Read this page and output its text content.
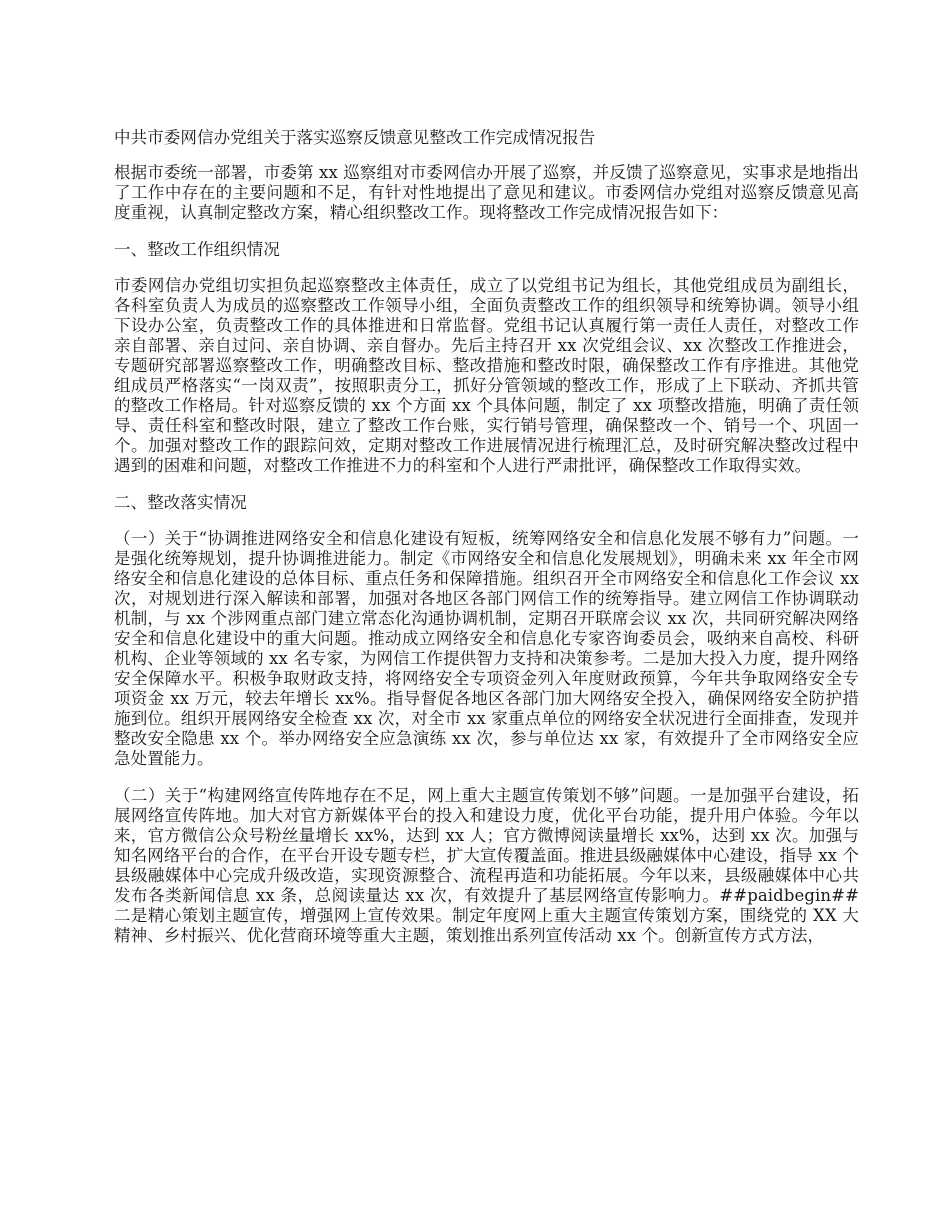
中共市委网信办党组关于落实巡察反馈意见整改工作完成情况报告
根据市委统一部署，市委第 xx 巡察组对市委网信办开展了巡察，并反馈了巡察意见，实事求是地指出了工作中存在的主要问题和不足，有针对性地提出了意见和建议。市委网信办党组对巡察反馈意见高度重视，认真制定整改方案，精心组织整改工作。现将整改工作完成情况报告如下：
一、整改工作组织情况
市委网信办党组切实担负起巡察整改主体责任，成立了以党组书记为组长，其他党组成员为副组长，各科室负责人为成员的巡察整改工作领导小组，全面负责整改工作的组织领导和统筹协调。领导小组下设办公室，负责整改工作的具体推进和日常监督。党组书记认真履行第一责任人责任，对整改工作亲自部署、亲自过问、亲自协调、亲自督办。先后主持召开 xx 次党组会议、xx 次整改工作推进会，专题研究部署巡察整改工作，明确整改目标、整改措施和整改时限，确保整改工作有序推进。其他党组成员严格落实“一岗双责”，按照职责分工，抓好分管领域的整改工作，形成了上下联动、齐抓共管的整改工作格局。针对巡察反馈的 xx 个方面 xx 个具体问题，制定了 xx 项整改措施，明确了责任领导、责任科室和整改时限，建立了整改工作台账，实行销号管理，确保整改一个、销号一个、巩固一个。加强对整改工作的跟踪问效，定期对整改工作进展情况进行梳理汇总，及时研究解决整改过程中遇到的困难和问题，对整改工作推进不力的科室和个人进行严肃批评，确保整改工作取得实效。
二、整改落实情况
（一）关于“协调推进网络安全和信息化建设有短板，统筹网络安全和信息化发展不够有力”问题。一是强化统筹规划，提升协调推进能力。制定《市网络安全和信息化发展规划》，明确未来 xx 年全市网络安全和信息化建设的总体目标、重点任务和保障措施。组织召开全市网络安全和信息化工作会议 xx 次，对规划进行深入解读和部署，加强对各地区各部门网信工作的统筹指导。建立网信工作协调联动机制，与 xx 个涉网重点部门建立常态化沟通协调机制，定期召开联席会议 xx 次，共同研究解决网络安全和信息化建设中的重大问题。推动成立网络安全和信息化专家咨询委员会，吸纳来自高校、科研机构、企业等领域的 xx 名专家，为网信工作提供智力支持和决策参考。二是加大投入力度，提升网络安全保障水平。积极争取财政支持，将网络安全专项资金列入年度财政预算，今年共争取网络安全专项资金 xx 万元，较去年增长 xx%。指导督促各地区各部门加大网络安全投入，确保网络安全防护措施到位。组织开展网络安全检查 xx 次，对全市 xx 家重点单位的网络安全状况进行全面排查，发现并整改安全隐患 xx 个。举办网络安全应急演练 xx 次，参与单位达 xx 家，有效提升了全市网络安全应急处置能力。
（二）关于“构建网络宣传阵地存在不足，网上重大主题宣传策划不够”问题。一是加强平台建设，拓展网络宣传阵地。加大对官方新媒体平台的投入和建设力度，优化平台功能，提升用户体验。今年以来，官方微信公众号粉丝量增长 xx%，达到 xx 人；官方微博阅读量增长 xx%，达到 xx 次。加强与知名网络平台的合作，在平台开设专题专栏，扩大宣传覆盖面。推进县级融媒体中心建设，指导 xx 个县级融媒体中心完成升级改造，实现资源整合、流程再造和功能拓展。今年以来，县级融媒体中心共发布各类新闻信息 xx 条，总阅读量达 xx 次，有效提升了基层网络宣传影响力。##paidbegin##二是精心策划主题宣传，增强网上宣传效果。制定年度网上重大主题宣传策划方案，围绕党的 XX 大精神、乡村振兴、优化营商环境等重大主题，策划推出系列宣传活动 xx 个。创新宣传方式方法，
